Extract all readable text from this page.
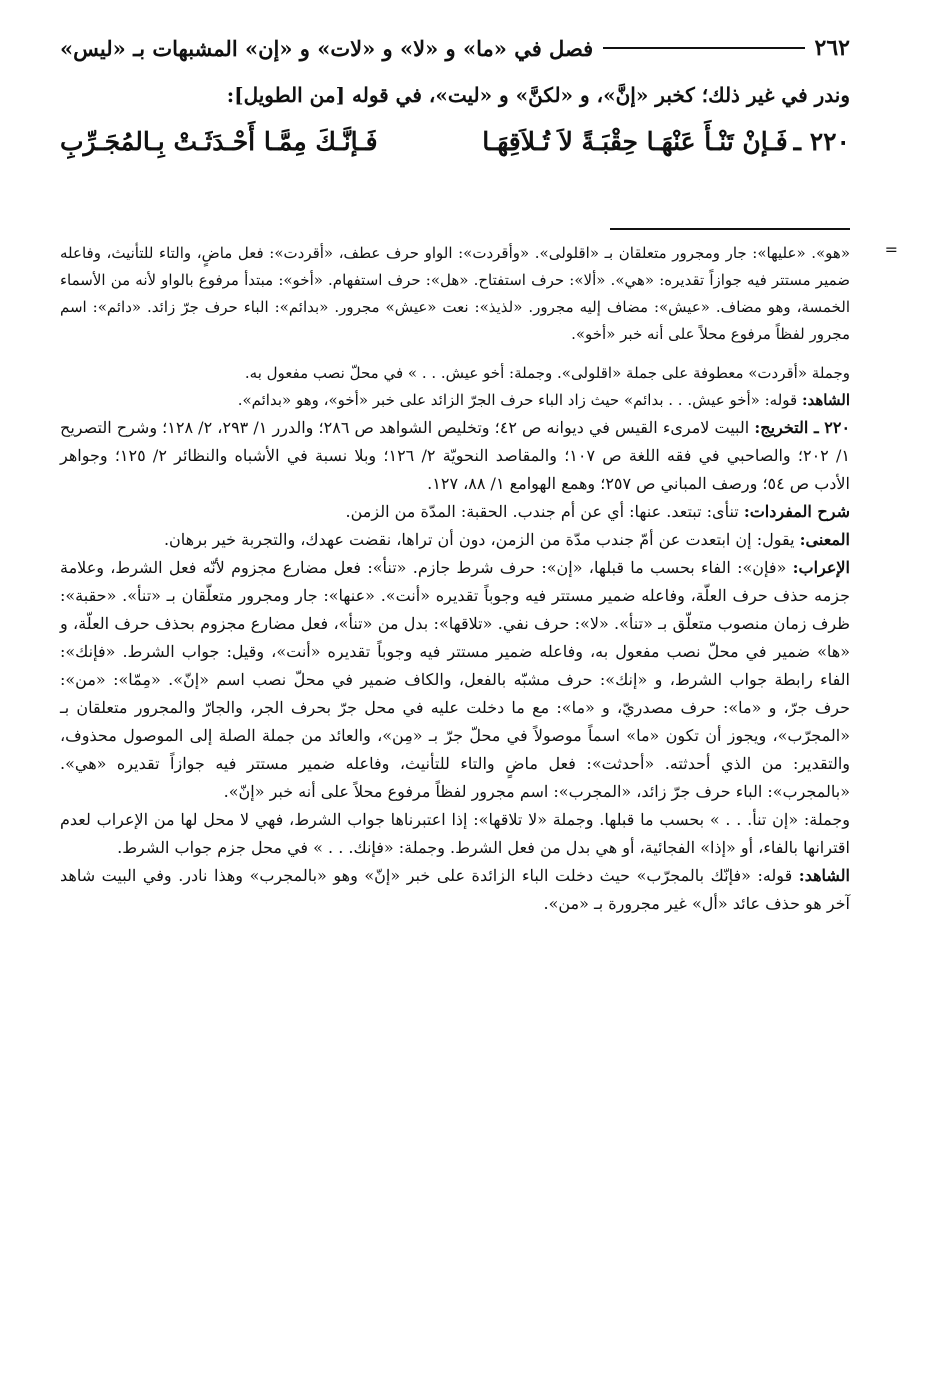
٢٦٢
فصل في «ما» و «لا» و «لات» و «إن» المشبهات بـ «ليس»
وندر في غير ذلك؛ كخبر «إنَّ»، و «لكنَّ» و «ليت»، في قوله [من الطويل]:
٢٢٠ ـ
فَـإنْ تَنْـأَ عَنْهَـا حِقْبَـةً لاَ تُـلاَقِهَـا
فَـإنَّـكَ مِمَّـا أَحْـدَثَـتْ بِـالمُجَـرِّبِ
=

«هو». «عليها»: جار ومجرور متعلقان بـ «اقلولى». «وأقردت»: الواو حرف عطف، «أقردت»: فعل ماضٍ، والتاء للتأنيث، وفاعله ضمير مستتر فيه جوازاً تقديره: «هي». «ألا»: حرف استفتاح. «هل»: حرف استفهام. «أخو»: مبتدأ مرفوع بالواو لأنه من الأسماء الخمسة، وهو مضاف. «عيش»: مضاف إليه مجرور. «لذيذ»: نعت «عيش» مجرور. «بدائم»: الباء حرف جرّ زائد. «دائم»: اسم مجرور لفظاً مرفوع محلاً على أنه خبر «أخو».

وجملة «أقردت» معطوفة على جملة «اقلولى». وجملة: أخو عيش. . . » في محلّ نصب مفعول به.

الشاهد: قوله: «أخو عيش. . . بدائم» حيث زاد الباء حرف الجرّ الزائد على خبر «أخو»، وهو «بدائم».

٢٢٠ ـ التخريج: البيت لامرىء القيس في ديوانه ص ٤٢؛ وتخليص الشواهد ص ٢٨٦؛ والدرر ١/ ٢٩٣، ٢/ ١٢٨؛ وشرح التصريح ١/ ٢٠٢؛ والصاحبي في فقه اللغة ص ١٠٧؛ والمقاصد النحويّة ٢/ ١٢٦؛ وبلا نسبة في الأشباه والنظائر ٢/ ١٢٥؛ وجواهر الأدب ص ٥٤؛ ورصف المباني ص ٢٥٧؛ وهمع الهوامع ١/ ٨٨، ١٢٧.

شرح المفردات: تنأى: تبتعد. عنها: أي عن أم جندب. الحقبة: المدّة من الزمن.

المعنى: يقول: إن ابتعدت عن أمّ جندب مدّة من الزمن، دون أن تراها، نقضت عهدك، والتجربة خير برهان.

الإعراب: «فإن»: الفاء بحسب ما قبلها، «إن»: حرف شرط جازم. «تنأ»: فعل مضارع مجزوم لأنّه فعل الشرط، وعلامة جزمه حذف حرف العلّة، وفاعله ضمير مستتر فيه وجوباً تقديره «أنت». «عنها»: جار ومجرور متعلّقان بـ «تنأ». «حقبة»: ظرف زمان منصوب متعلّق بـ «تنأ». «لا»: حرف نفي. «تلاقها»: بدل من «تنأ»، فعل مضارع مجزوم بحذف حرف العلّة، و «ها» ضمير في محلّ نصب مفعول به، وفاعله ضمير مستتر فيه وجوباً تقديره «أنت»، وقيل: جواب الشرط. «فإنك»: الفاء رابطة جواب الشرط، و «إنك»: حرف مشبّه بالفعل، والكاف ضمير في محلّ نصب اسم «إنّ». «مِمّا»: «من»: حرف جرّ، و «ما»: حرف مصدريّ، و «ما»: مع ما دخلت عليه في محل جرّ بحرف الجر، والجارّ والمجرور متعلقان بـ «المجرّب»، ويجوز أن تكون «ما» اسماً موصولاً في محلّ جرّ بـ «مِن»، والعائد من جملة الصلة إلى الموصول محذوف، والتقدير: من الذي أحدثته. «أحدثت»: فعل ماضٍ والتاء للتأنيث، وفاعله ضمير مستتر فيه جوازاً تقديره «هي». «بالمجرب»: الباء حرف جرّ زائد، «المجرب»: اسم مجرور لفظاً مرفوع محلاً على أنه خبر «إنّ».

وجملة: «إن تنأ. . . » بحسب ما قبلها. وجملة «لا تلاقها»: إذا اعتبرناها جواب الشرط، فهي لا محل لها من الإعراب لعدم اقترانها بالفاء، أو «إذا» الفجائية، أو هي بدل من فعل الشرط. وجملة: «فإنك. . . » في محل جزم جواب الشرط.

الشاهد: قوله: «فإنّك بالمجرّب» حيث دخلت الباء الزائدة على خبر «إنّ» وهو «بالمجرب» وهذا نادر. وفي البيت شاهد آخر هو حذف عائد «أل» غير مجرورة بـ «من».
